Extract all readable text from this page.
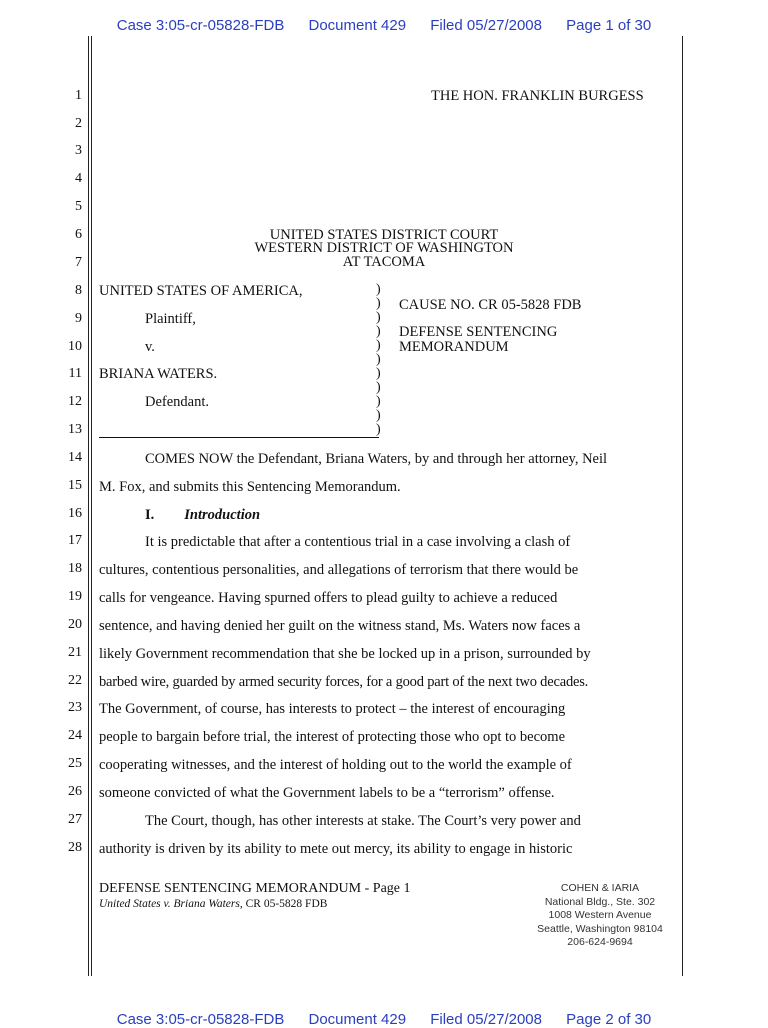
Case 3:05-cr-05828-FDB Document 429 Filed 05/27/2008 Page 1 of 30
1
2
3
4
5
6
7
8
9
10
11
12
13
14
15
16
17
18
19
20
21
22
23
24
25
26
27
28
THE HON. FRANKLIN BURGESS
UNITED STATES DISTRICT COURT
WESTERN DISTRICT OF WASHINGTON
AT TACOMA
UNITED STATES OF AMERICA,
Plaintiff,
v.
BRIANA WATERS.
Defendant.
)
)
)
)
)
)
)
)
)
)
)
CAUSE NO. CR 05-5828 FDB
DEFENSE SENTENCING
MEMORANDUM
COMES NOW the Defendant, Briana Waters, by and through her attorney, Neil
M. Fox, and submits this Sentencing Memorandum.
I. Introduction
It is predictable that after a contentious trial in a case involving a clash of
cultures, contentious personalities, and allegations of terrorism that there would be
calls for vengeance. Having spurned offers to plead guilty to achieve a reduced
sentence, and having denied her guilt on the witness stand, Ms. Waters now faces a
likely Government recommendation that she be locked up in a prison, surrounded by
barbed wire, guarded by armed security forces, for a good part of the next two decades.
The Government, of course, has interests to protect – the interest of encouraging
people to bargain before trial, the interest of protecting those who opt to become
cooperating witnesses, and the interest of holding out to the world the example of
someone convicted of what the Government labels to be a “terrorism” offense.
The Court, though, has other interests at stake. The Court’s very power and
authority is driven by its ability to mete out mercy, its ability to engage in historic
DEFENSE SENTENCING MEMORANDUM - Page 1
United States v. Briana Waters, CR 05-5828 FDB
COHEN & IARIA
National Bldg., Ste. 302
1008 Western Avenue
Seattle, Washington 98104
206-624-9694
Case 3:05-cr-05828-FDB Document 429 Filed 05/27/2008 Page 2 of 30
